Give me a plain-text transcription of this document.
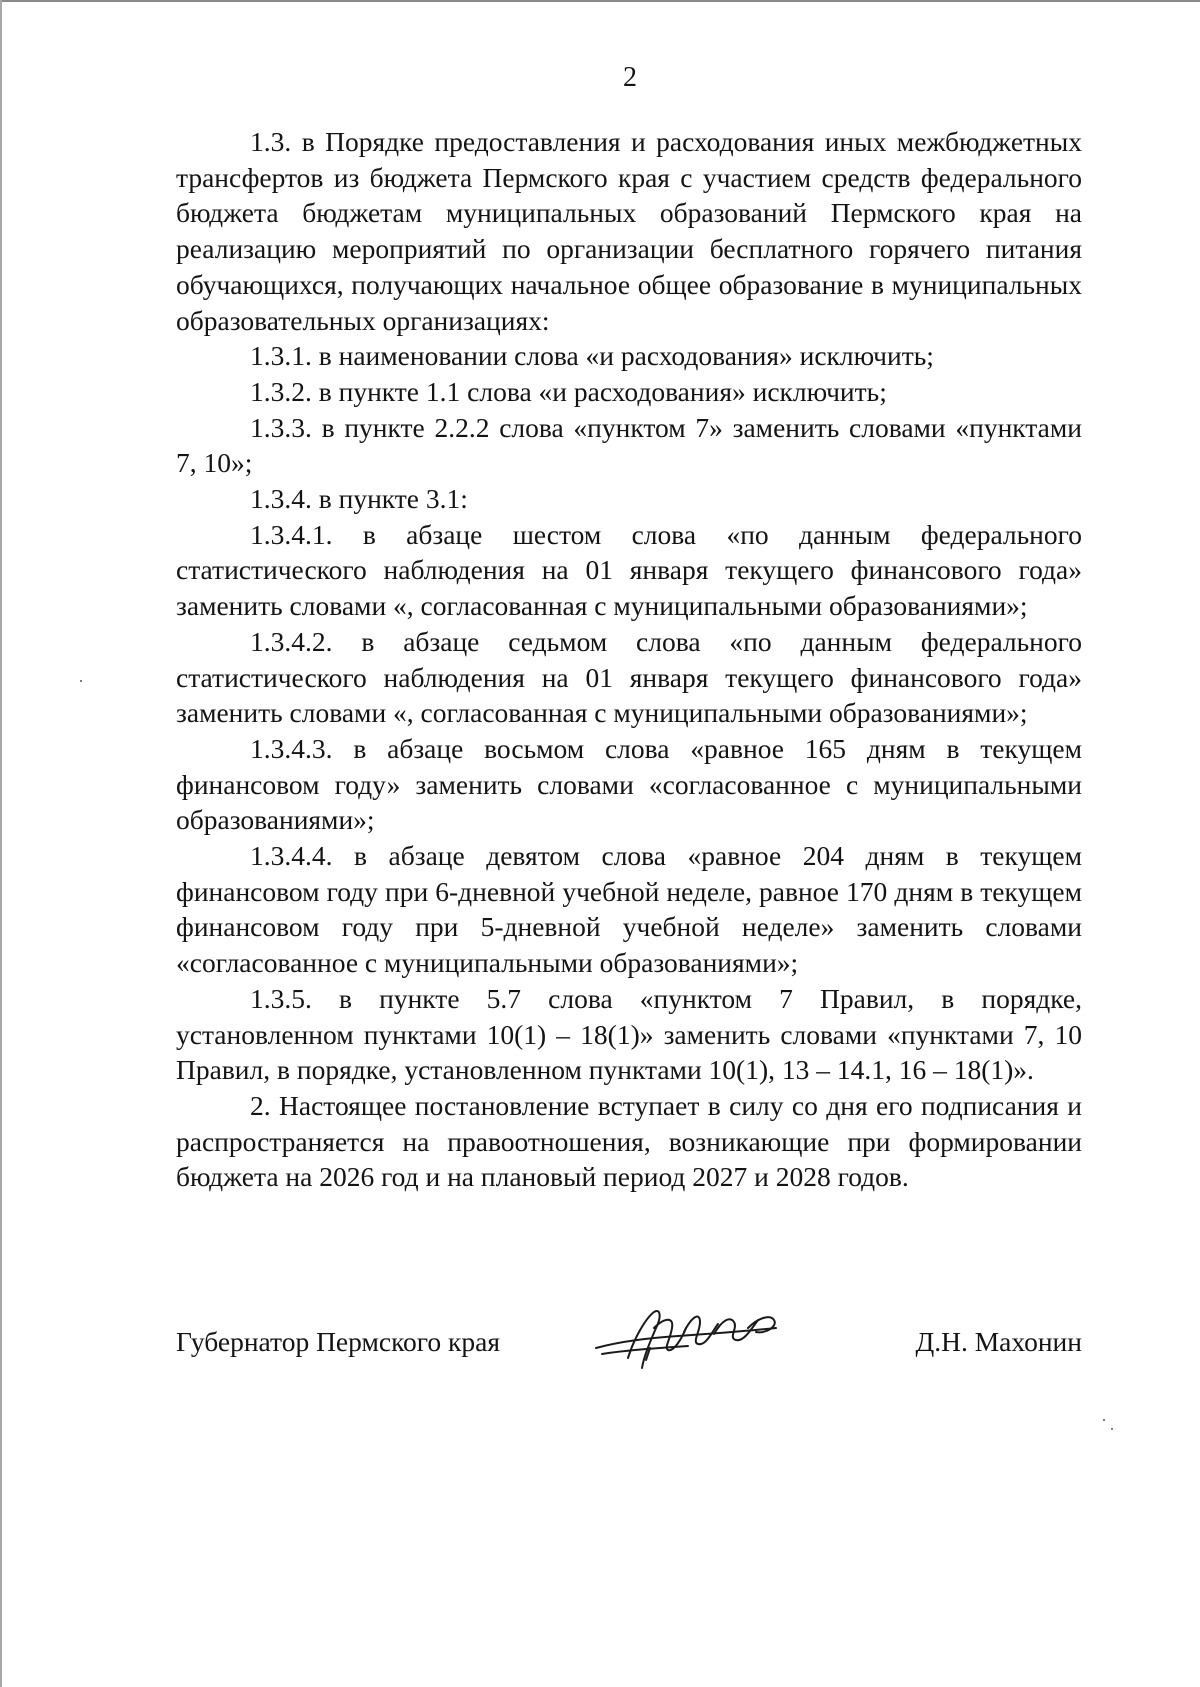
2

1.3. в Порядке предоставления и расходования иных межбюджетных трансфертов из бюджета Пермского края с участием средств федерального бюджета бюджетам муниципальных образований Пермского края на реализацию мероприятий по организации бесплатного горячего питания обучающихся, получающих начальное общее образование в муниципальных образовательных организациях:

1.3.1. в наименовании слова «и расходования» исключить;

1.3.2. в пункте 1.1 слова «и расходования» исключить;

1.3.3. в пункте 2.2.2 слова «пунктом 7» заменить словами «пунктами 7, 10»;

1.3.4. в пункте 3.1:

1.3.4.1. в абзаце шестом слова «по данным федерального статистического наблюдения на 01 января текущего финансового года» заменить словами «, согласованная с муниципальными образованиями»;

1.3.4.2. в абзаце седьмом слова «по данным федерального статистического наблюдения на 01 января текущего финансового года» заменить словами «, согласованная с муниципальными образованиями»;

1.3.4.3. в абзаце восьмом слова «равное 165 дням в текущем финансовом году» заменить словами «согласованное с муниципальными образованиями»;

1.3.4.4. в абзаце девятом слова «равное 204 дням в текущем финансовом году при 6-дневной учебной неделе, равное 170 дням в текущем финансовом году при 5-дневной учебной неделе» заменить словами «согласованное с муниципальными образованиями»;

1.3.5. в пункте 5.7 слова «пунктом 7 Правил, в порядке, установленном пунктами 10(1) – 18(1)» заменить словами «пунктами 7, 10 Правил, в порядке, установленном пунктами 10(1), 13 – 14.1, 16 – 18(1)».

2. Настоящее постановление вступает в силу со дня его подписания и распространяется на правоотношения, возникающие при формировании бюджета на 2026 год и на плановый период 2027 и 2028 годов.

Губернатор Пермского края	Д.Н. Махонин
